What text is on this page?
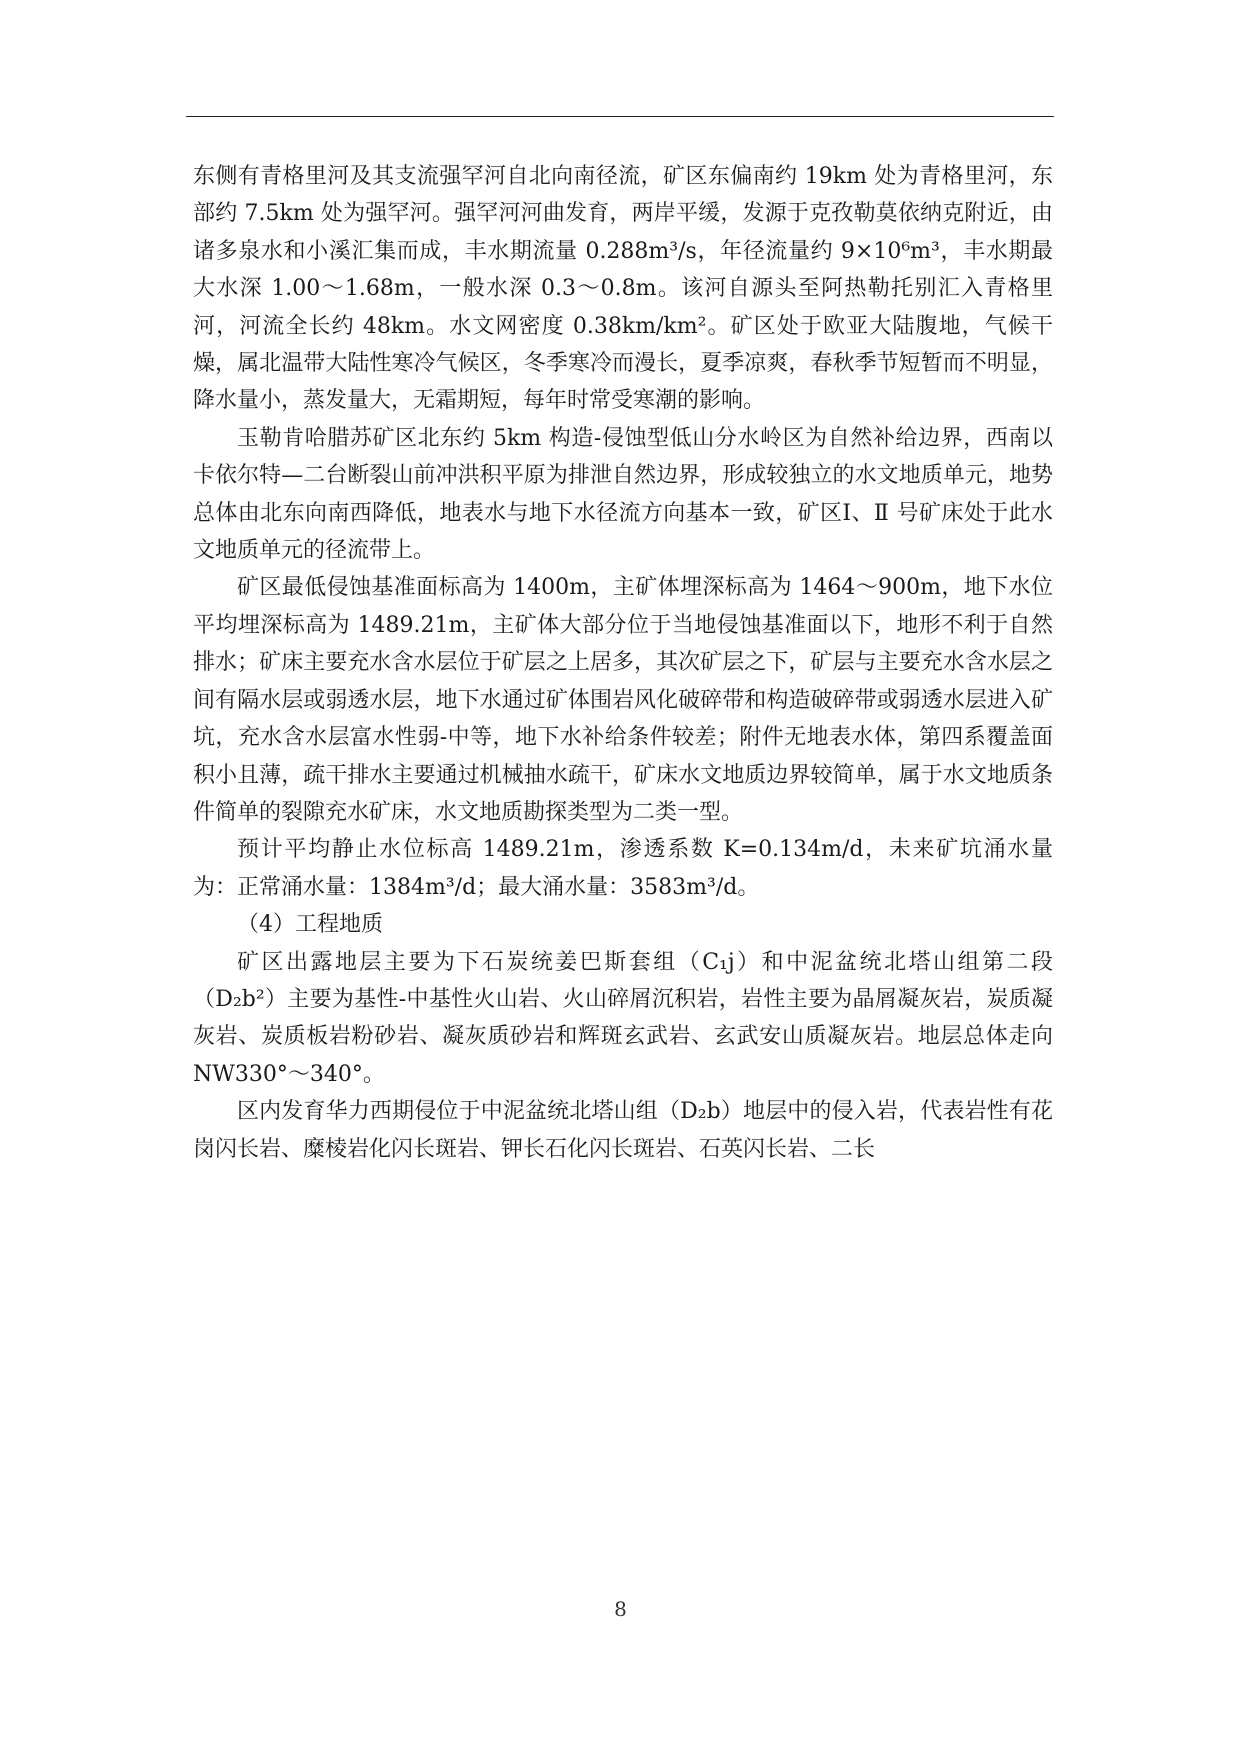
东侧有青格里河及其支流强罕河自北向南径流，矿区东偏南约 19km 处为青格里河，东部约 7.5km 处为强罕河。强罕河河曲发育，两岸平缓，发源于克孜勒莫依纳克附近，由诸多泉水和小溪汇集而成，丰水期流量 0.288m³/s，年径流量约 9×10⁶m³，丰水期最大水深 1.00～1.68m，一般水深 0.3～0.8m。该河自源头至阿热勒托别汇入青格里河，河流全长约 48km。水文网密度 0.38km/km²。矿区处于欧亚大陆腹地，气候干燥，属北温带大陆性寒冷气候区，冬季寒冷而漫长，夏季凉爽，春秋季节短暂而不明显，降水量小，蒸发量大，无霜期短，每年时常受寒潮的影响。

玉勒肯哈腊苏矿区北东约 5km 构造-侵蚀型低山分水岭区为自然补给边界，西南以卡依尔特—二台断裂山前冲洪积平原为排泄自然边界，形成较独立的水文地质单元，地势总体由北东向南西降低，地表水与地下水径流方向基本一致，矿区Ⅰ、Ⅱ 号矿床处于此水文地质单元的径流带上。

矿区最低侵蚀基准面标高为 1400m，主矿体埋深标高为 1464～900m，地下水位平均埋深标高为 1489.21m，主矿体大部分位于当地侵蚀基准面以下，地形不利于自然排水；矿床主要充水含水层位于矿层之上居多，其次矿层之下，矿层与主要充水含水层之间有隔水层或弱透水层，地下水通过矿体围岩风化破碎带和构造破碎带或弱透水层进入矿坑，充水含水层富水性弱-中等，地下水补给条件较差；附件无地表水体，第四系覆盖面积小且薄，疏干排水主要通过机械抽水疏干，矿床水文地质边界较简单，属于水文地质条件简单的裂隙充水矿床，水文地质勘探类型为二类一型。

预计平均静止水位标高 1489.21m，渗透系数 K=0.134m/d，未来矿坑涌水量为：正常涌水量：1384m³/d；最大涌水量：3583m³/d。

（4）工程地质

矿区出露地层主要为下石炭统姜巴斯套组（C₁j）和中泥盆统北塔山组第二段（D₂b²）主要为基性-中基性火山岩、火山碎屑沉积岩，岩性主要为晶屑凝灰岩，炭质凝灰岩、炭质板岩粉砂岩、凝灰质砂岩和辉斑玄武岩、玄武安山质凝灰岩。地层总体走向 NW330°～340°。

区内发育华力西期侵位于中泥盆统北塔山组（D₂b）地层中的侵入岩，代表岩性有花岗闪长岩、糜棱岩化闪长斑岩、钾长石化闪长斑岩、石英闪长岩、二长

8
